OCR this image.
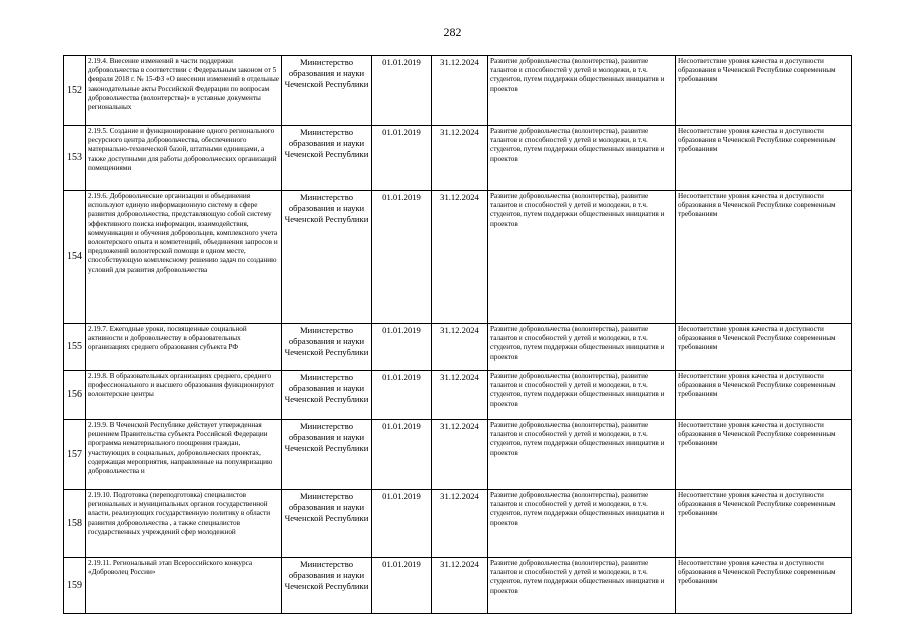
282
152	2.19.4. Внесение изменений в части поддержки добровольчества в соответствии с Федеральным законом от 5 февраля 2018 г. № 15-ФЗ «О внесении изменений в отдельные законодательные акты Российской Федерации по вопросам добровольчества (волонтерства)» в уставные документы региональных	Министерство образования и науки Чеченской Республики	01.01.2019	31.12.2024	Развитие добровольчества (волонтерства), развитие талантов и способностей у детей и молодежи, в т.ч. студентов, путем поддержки общественных инициатив и проектов	Несоответствие уровня качества и доступности образования в Чеченской Республике современным требованиям
153	2.19.5. Создание и функционирование одного регионального ресурсного центра добровольчества, обеспеченного материально-технической базой, штатными единицами, а также доступными для работы добровольческих организаций помещениями	Министерство образования и науки Чеченской Республики	01.01.2019	31.12.2024	Развитие добровольчества (волонтерства), развитие талантов и способностей у детей и молодежи, в т.ч. студентов, путем поддержки общественных инициатив и проектов	Несоответствие уровня качества и доступности образования в Чеченской Республике современным требованиям
154	2.19.6. Добровольческие организации и объединения используют единую информационную систему в сфере развития добровольчества, представляющую собой систему эффективного поиска информации, взаимодействия, коммуникации и обучения добровольцев, комплексного учета волонтерского опыта и компетенций, объединения запросов и предложений волонтерской помощи в одном месте, способствующую комплексному решению задач по созданию условий для развития добровольчества	Министерство образования и науки Чеченской Республики	01.01.2019	31.12.2024	Развитие добровольчества (волонтерства), развитие талантов и способностей у детей и молодежи, в т.ч. студентов, путем поддержки общественных инициатив и проектов	Несоответствие уровня качества и доступности образования в Чеченской Республике современным требованиям
155	2.19.7. Ежегодные уроки, посвященные социальной активности и добровольчеству в образовательных организациях среднего образования субъекта РФ	Министерство образования и науки Чеченской Республики	01.01.2019	31.12.2024	Развитие добровольчества (волонтерства), развитие талантов и способностей у детей и молодежи, в т.ч. студентов, путем поддержки общественных инициатив и проектов	Несоответствие уровня качества и доступности образования в Чеченской Республике современным требованиям
156	2.19.8. В образовательных организациях среднего, среднего профессионального и высшего образования функционируют волонтерские центры	Министерство образования и науки Чеченской Республики	01.01.2019	31.12.2024	Развитие добровольчества (волонтерства), развитие талантов и способностей у детей и молодежи, в т.ч. студентов, путем поддержки общественных инициатив и проектов	Несоответствие уровня качества и доступности образования в Чеченской Республике современным требованиям
157	2.19.9. В Чеченской Республике действует утвержденная решением Правительства субъекта Российской Федерации программа нематериального поощрения граждан, участвующих в социальных, добровольческих проектах, содержащая мероприятия, направленные на популяризацию добровольчества и	Министерство образования и науки Чеченской Республики	01.01.2019	31.12.2024	Развитие добровольчества (волонтерства), развитие талантов и способностей у детей и молодежи, в т.ч. студентов, путем поддержки общественных инициатив и проектов	Несоответствие уровня качества и доступности образования в Чеченской Республике современным требованиям
158	2.19.10. Подготовка (переподготовка) специалистов региональных и муниципальных органов государственной власти, реализующих государственную политику в области развития добровольчества , а также специалистов государственных учреждений сфер молодежной	Министерство образования и науки Чеченской Республики	01.01.2019	31.12.2024	Развитие добровольчества (волонтерства), развитие талантов и способностей у детей и молодежи, в т.ч. студентов, путем поддержки общественных инициатив и проектов	Несоответствие уровня качества и доступности образования в Чеченской Республике современным требованиям
159	2.19.11. Региональный этап Всероссийского конкурса «Доброволец России»	Министерство образования и науки Чеченской Республики	01.01.2019	31.12.2024	Развитие добровольчества (волонтерства), развитие талантов и способностей у детей и молодежи, в т.ч. студентов, путем поддержки общественных инициатив и проектов	Несоответствие уровня качества и доступности образования в Чеченской Республике современным требованиям
